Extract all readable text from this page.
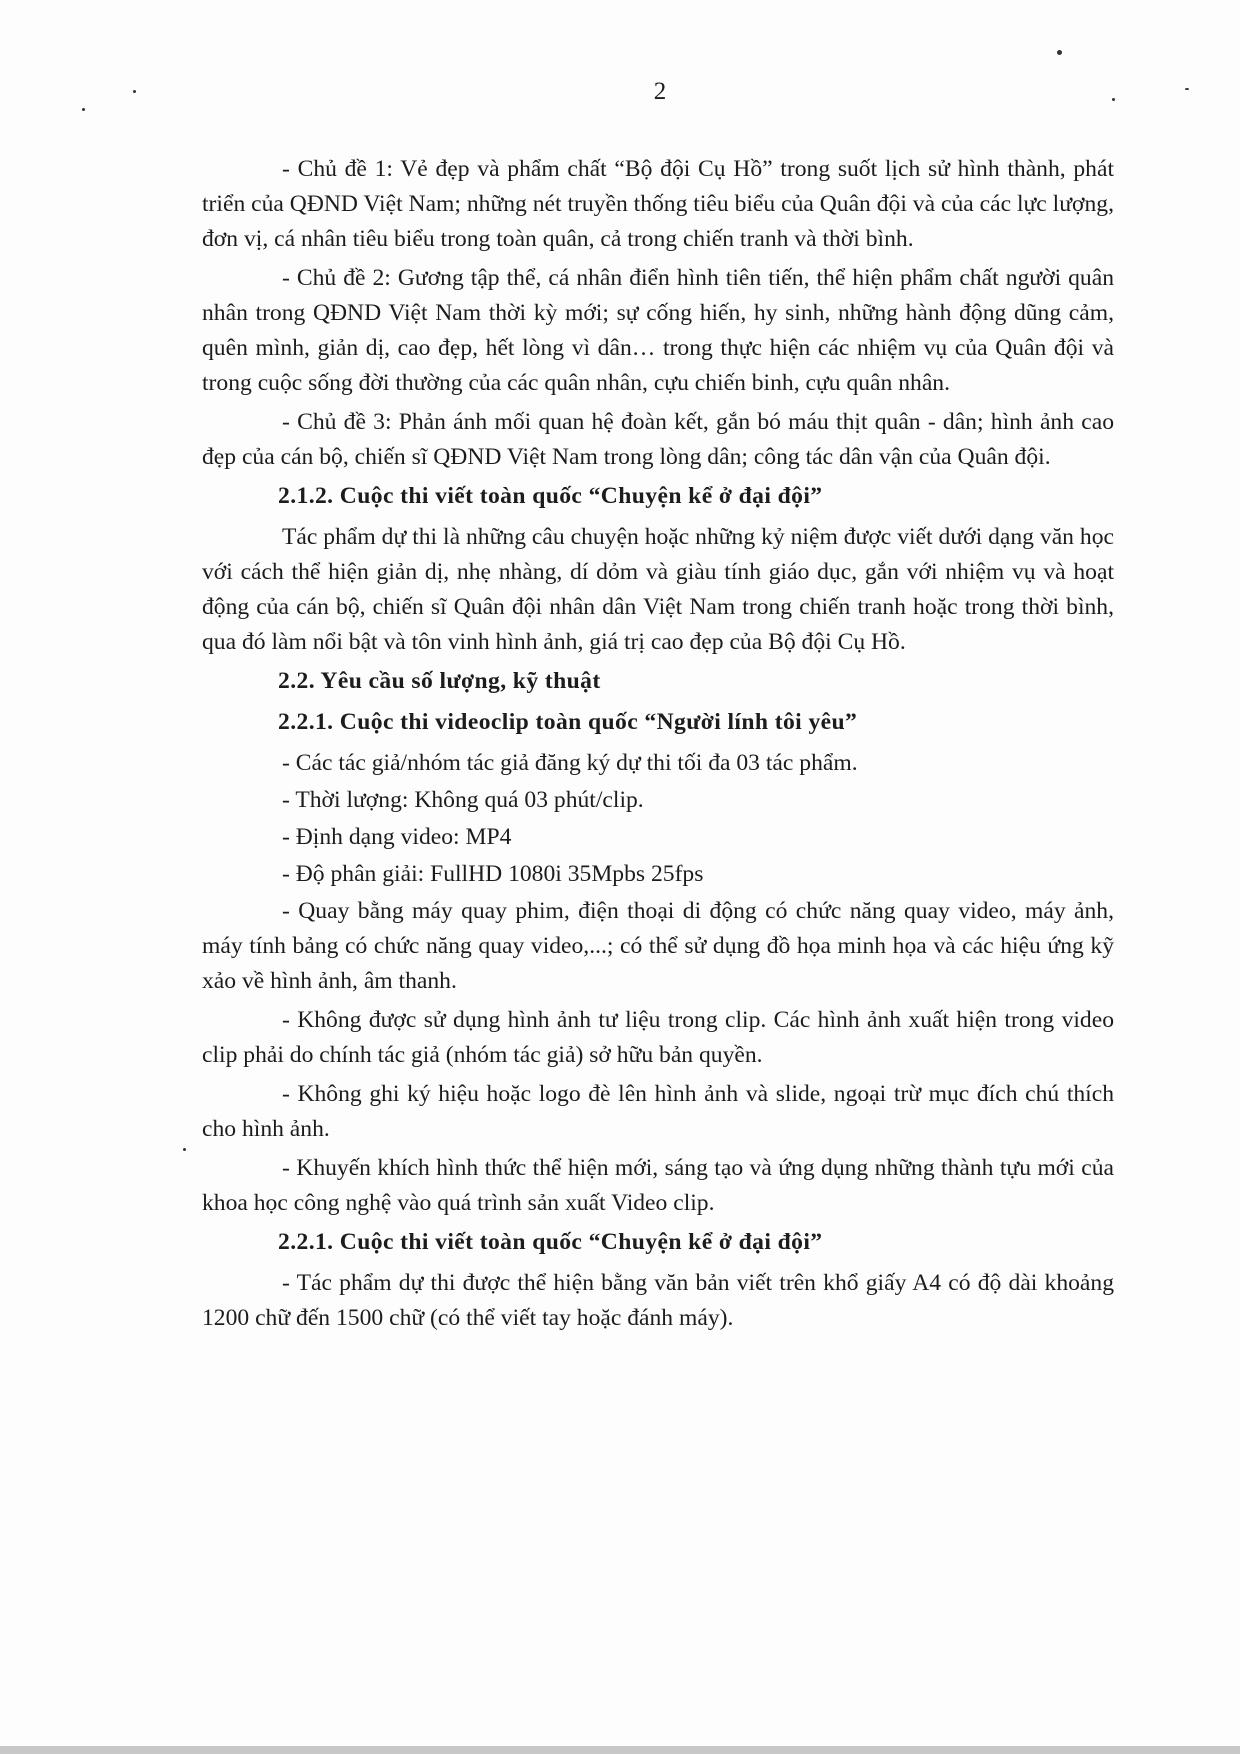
2

- Chủ đề 1: Vẻ đẹp và phẩm chất “Bộ đội Cụ Hồ” trong suốt lịch sử hình thành, phát triển của QĐND Việt Nam; những nét truyền thống tiêu biểu của Quân đội và của các lực lượng, đơn vị, cá nhân tiêu biểu trong toàn quân, cả trong chiến tranh và thời bình.

- Chủ đề 2: Gương tập thể, cá nhân điển hình tiên tiến, thể hiện phẩm chất người quân nhân trong QĐND Việt Nam thời kỳ mới; sự cống hiến, hy sinh, những hành động dũng cảm, quên mình, giản dị, cao đẹp, hết lòng vì dân… trong thực hiện các nhiệm vụ của Quân đội và trong cuộc sống đời thường của các quân nhân, cựu chiến binh, cựu quân nhân.

- Chủ đề 3: Phản ánh mối quan hệ đoàn kết, gắn bó máu thịt quân - dân; hình ảnh cao đẹp của cán bộ, chiến sĩ QĐND Việt Nam trong lòng dân; công tác dân vận của Quân đội.

2.1.2. Cuộc thi viết toàn quốc “Chuyện kể ở đại đội”

Tác phẩm dự thi là những câu chuyện hoặc những kỷ niệm được viết dưới dạng văn học với cách thể hiện giản dị, nhẹ nhàng, dí dỏm và giàu tính giáo dục, gắn với nhiệm vụ và hoạt động của cán bộ, chiến sĩ Quân đội nhân dân Việt Nam trong chiến tranh hoặc trong thời bình, qua đó làm nổi bật và tôn vinh hình ảnh, giá trị cao đẹp của Bộ đội Cụ Hồ.

2.2. Yêu cầu số lượng, kỹ thuật
2.2.1. Cuộc thi videoclip toàn quốc “Người lính tôi yêu”

- Các tác giả/nhóm tác giả đăng ký dự thi tối đa 03 tác phẩm.

- Thời lượng: Không quá 03 phút/clip.

- Định dạng video: MP4

- Độ phân giải: FullHD 1080i 35Mpbs 25fps

- Quay bằng máy quay phim, điện thoại di động có chức năng quay video, máy ảnh, máy tính bảng có chức năng quay video,...; có thể sử dụng đồ họa minh họa và các hiệu ứng kỹ xảo về hình ảnh, âm thanh.

- Không được sử dụng hình ảnh tư liệu trong clip. Các hình ảnh xuất hiện trong video clip phải do chính tác giả (nhóm tác giả) sở hữu bản quyền.

- Không ghi ký hiệu hoặc logo đè lên hình ảnh và slide, ngoại trừ mục đích chú thích cho hình ảnh.

- Khuyến khích hình thức thể hiện mới, sáng tạo và ứng dụng những thành tựu mới của khoa học công nghệ vào quá trình sản xuất Video clip.

2.2.1. Cuộc thi viết toàn quốc “Chuyện kể ở đại đội”

- Tác phẩm dự thi được thể hiện bằng văn bản viết trên khổ giấy A4 có độ dài khoảng 1200 chữ đến 1500 chữ (có thể viết tay hoặc đánh máy).
